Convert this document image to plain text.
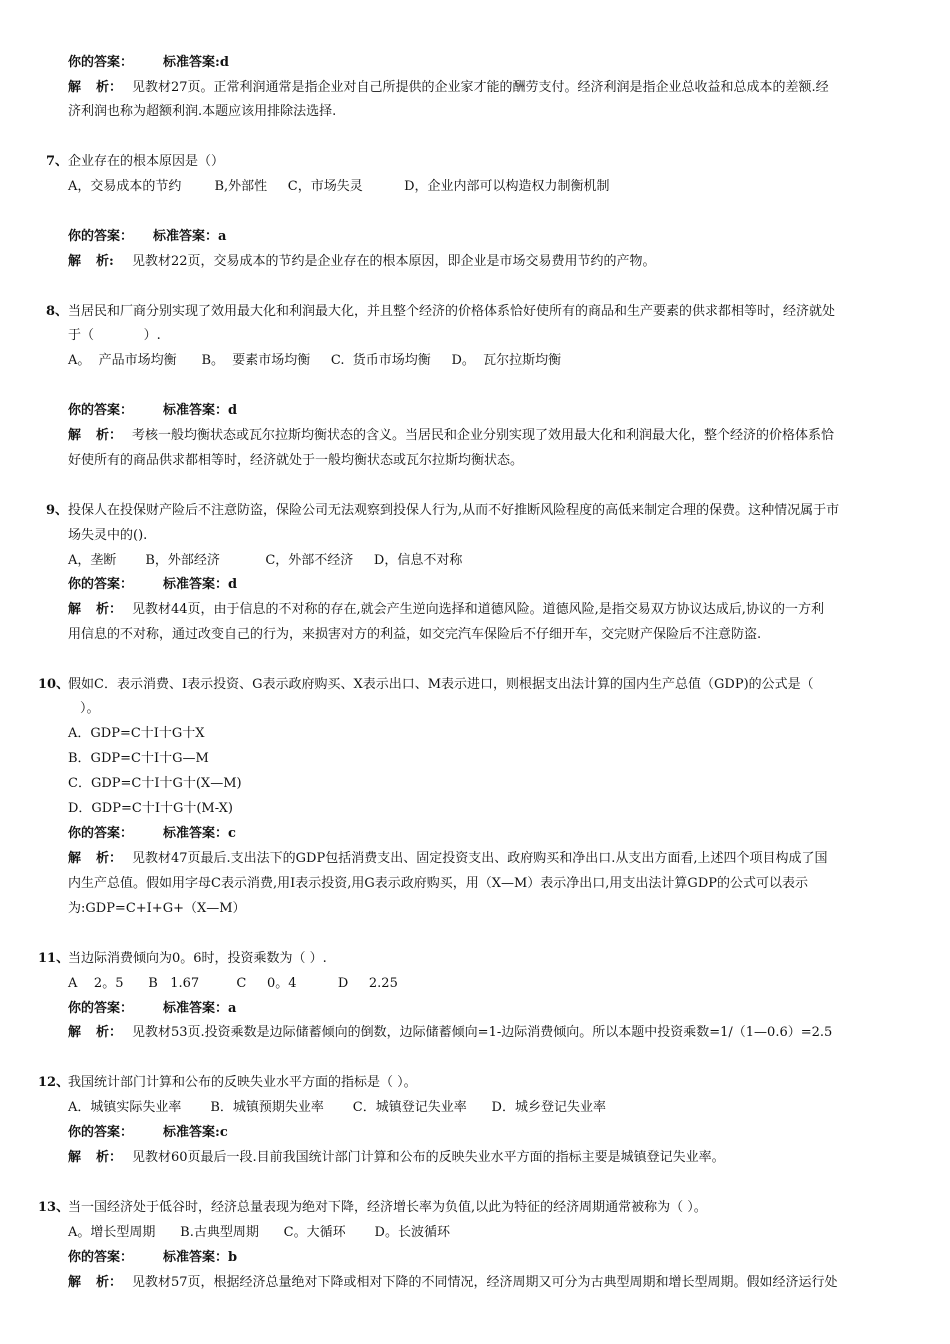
你的答案： 标准答案:d
解 析： 见教材27页。正常利润通常是指企业对自己所提供的企业家才能的酬劳支付。经济利润是指企业总收益和总成本的差额.经
济利润也称为超额利润.本题应该用排除法选择.
7、企业存在的根本原因是（）
A，交易成本的节约        B,外部性     C，市场失灵          D，企业内部可以构造权力制衡机制
你的答案： 标准答案：a
解 析: 见教材22页，交易成本的节约是企业存在的根本原因，即企业是市场交易费用节约的产物。
8、当居民和厂商分别实现了效用最大化和利润最大化，并且整个经济的价格体系恰好使所有的商品和生产要素的供求都相等时，经济就处
于（            ）.
A。  产品市场均衡      B。  要素市场均衡     C.  货币市场均衡     D。  瓦尔拉斯均衡
你的答案： 标准答案：d
解 析： 考核一般均衡状态或瓦尔拉斯均衡状态的含义。当居民和企业分别实现了效用最大化和利润最大化，整个经济的价格体系恰
好使所有的商品供求都相等时，经济就处于一般均衡状态或瓦尔拉斯均衡状态。
9、投保人在投保财产险后不注意防盗，保险公司无法观察到投保人行为,从而不好推断风险程度的高低来制定合理的保费。这种情况属于市
场失灵中的().
A，垄断       B，外部经济           C，外部不经济     D，信息不对称
你的答案： 标准答案：d
解 析： 见教材44页，由于信息的不对称的存在,就会产生逆向选择和道德风险。道德风险,是指交易双方协议达成后,协议的一方利
用信息的不对称，通过改变自己的行为，来损害对方的利益，如交完汽车保险后不仔细开车，交完财产保险后不注意防盗.
10、假如C．表示消费、I表示投资、G表示政府购买、X表示出口、M表示进口，则根据支出法计算的国内生产总值（GDP)的公式是（
）。
A．GDP=C十I十G十X
B．GDP=C十I十G—M
C．GDP=C十I十G十(X—M)
D．GDP=C十I十G十(M-X)
你的答案： 标准答案：c
解 析： 见教材47页最后.支出法下的GDP包括消费支出、固定投资支出、政府购买和净出口.从支出方面看,上述四个项目构成了国
内生产总值。假如用字母C表示消费,用I表示投资,用G表示政府购买，用（X—M）表示净出口,用支出法计算GDP的公式可以表示
为:GDP=C+I+G+（X—M）
11、当边际消费倾向为0。6时，投资乘数为（ ）.
A    2。5      B   1.67         C     0。4          D     2.25
你的答案： 标准答案：a
解 析： 见教材53页.投资乘数是边际储蓄倾向的倒数，边际储蓄倾向=1-边际消费倾向。所以本题中投资乘数=1/（1—0.6）=2.5
12、我国统计部门计算和公布的反映失业水平方面的指标是（ ）。
A．城镇实际失业率       B．城镇预期失业率       C．城镇登记失业率      D．城乡登记失业率
你的答案： 标准答案:c
解 析： 见教材60页最后一段.目前我国统计部门计算和公布的反映失业水平方面的指标主要是城镇登记失业率。
13、当一国经济处于低谷时，经济总量表现为绝对下降，经济增长率为负值,以此为特征的经济周期通常被称为（ ）。
A。增长型周期      B.古典型周期      C。大循环       D。长波循环
你的答案： 标准答案：b
解 析： 见教材57页，根据经济总量绝对下降或相对下降的不同情况，经济周期又可分为古典型周期和增长型周期。假如经济运行处
